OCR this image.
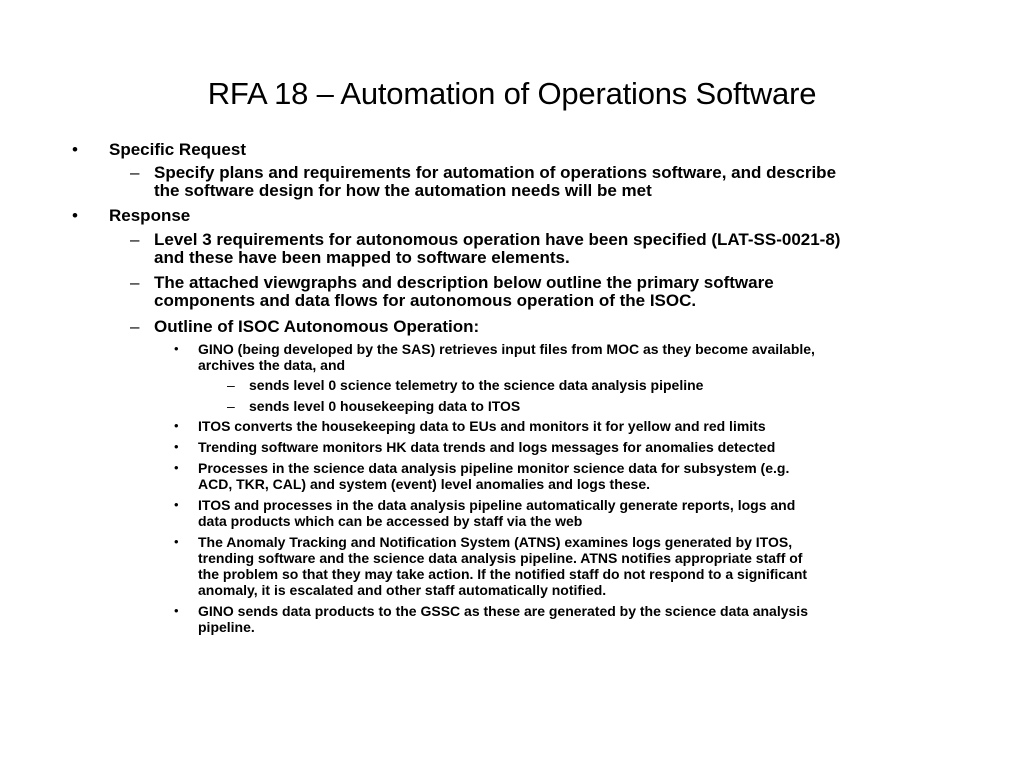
RFA 18 – Automation of Operations Software
• Specific Request

– Specify plans and requirements for automation of operations software, and describe
the software design for how the automation needs will be met

• Response

– Level 3 requirements for autonomous operation have been specified (LAT-SS-0021-8)
and these have been mapped to software elements.

– The attached viewgraphs and description below outline the primary software
components and data flows for autonomous operation of the ISOC.

– Outline of ISOC Autonomous Operation:

• GINO (being developed by the SAS) retrieves input files from MOC as they become available,
archives the data, and

– sends level 0 science telemetry to the science data analysis pipeline

– sends level 0 housekeeping data to ITOS

• ITOS converts the housekeeping data to EUs and monitors it for yellow and red limits

• Trending software monitors HK data trends and logs messages for anomalies detected

• Processes in the science data analysis pipeline monitor science data for subsystem (e.g.
ACD, TKR, CAL) and system (event) level anomalies and logs these.

• ITOS and processes in the data analysis pipeline automatically generate reports, logs and
data products which can be accessed by staff via the web

• The Anomaly Tracking and Notification System (ATNS) examines logs generated by ITOS,
trending software and the science data analysis pipeline. ATNS notifies appropriate staff of
the problem so that they may take action. If the notified staff do not respond to a significant
anomaly, it is escalated and other staff automatically notified.

• GINO sends data products to the GSSC as these are generated by the science data analysis
pipeline.
